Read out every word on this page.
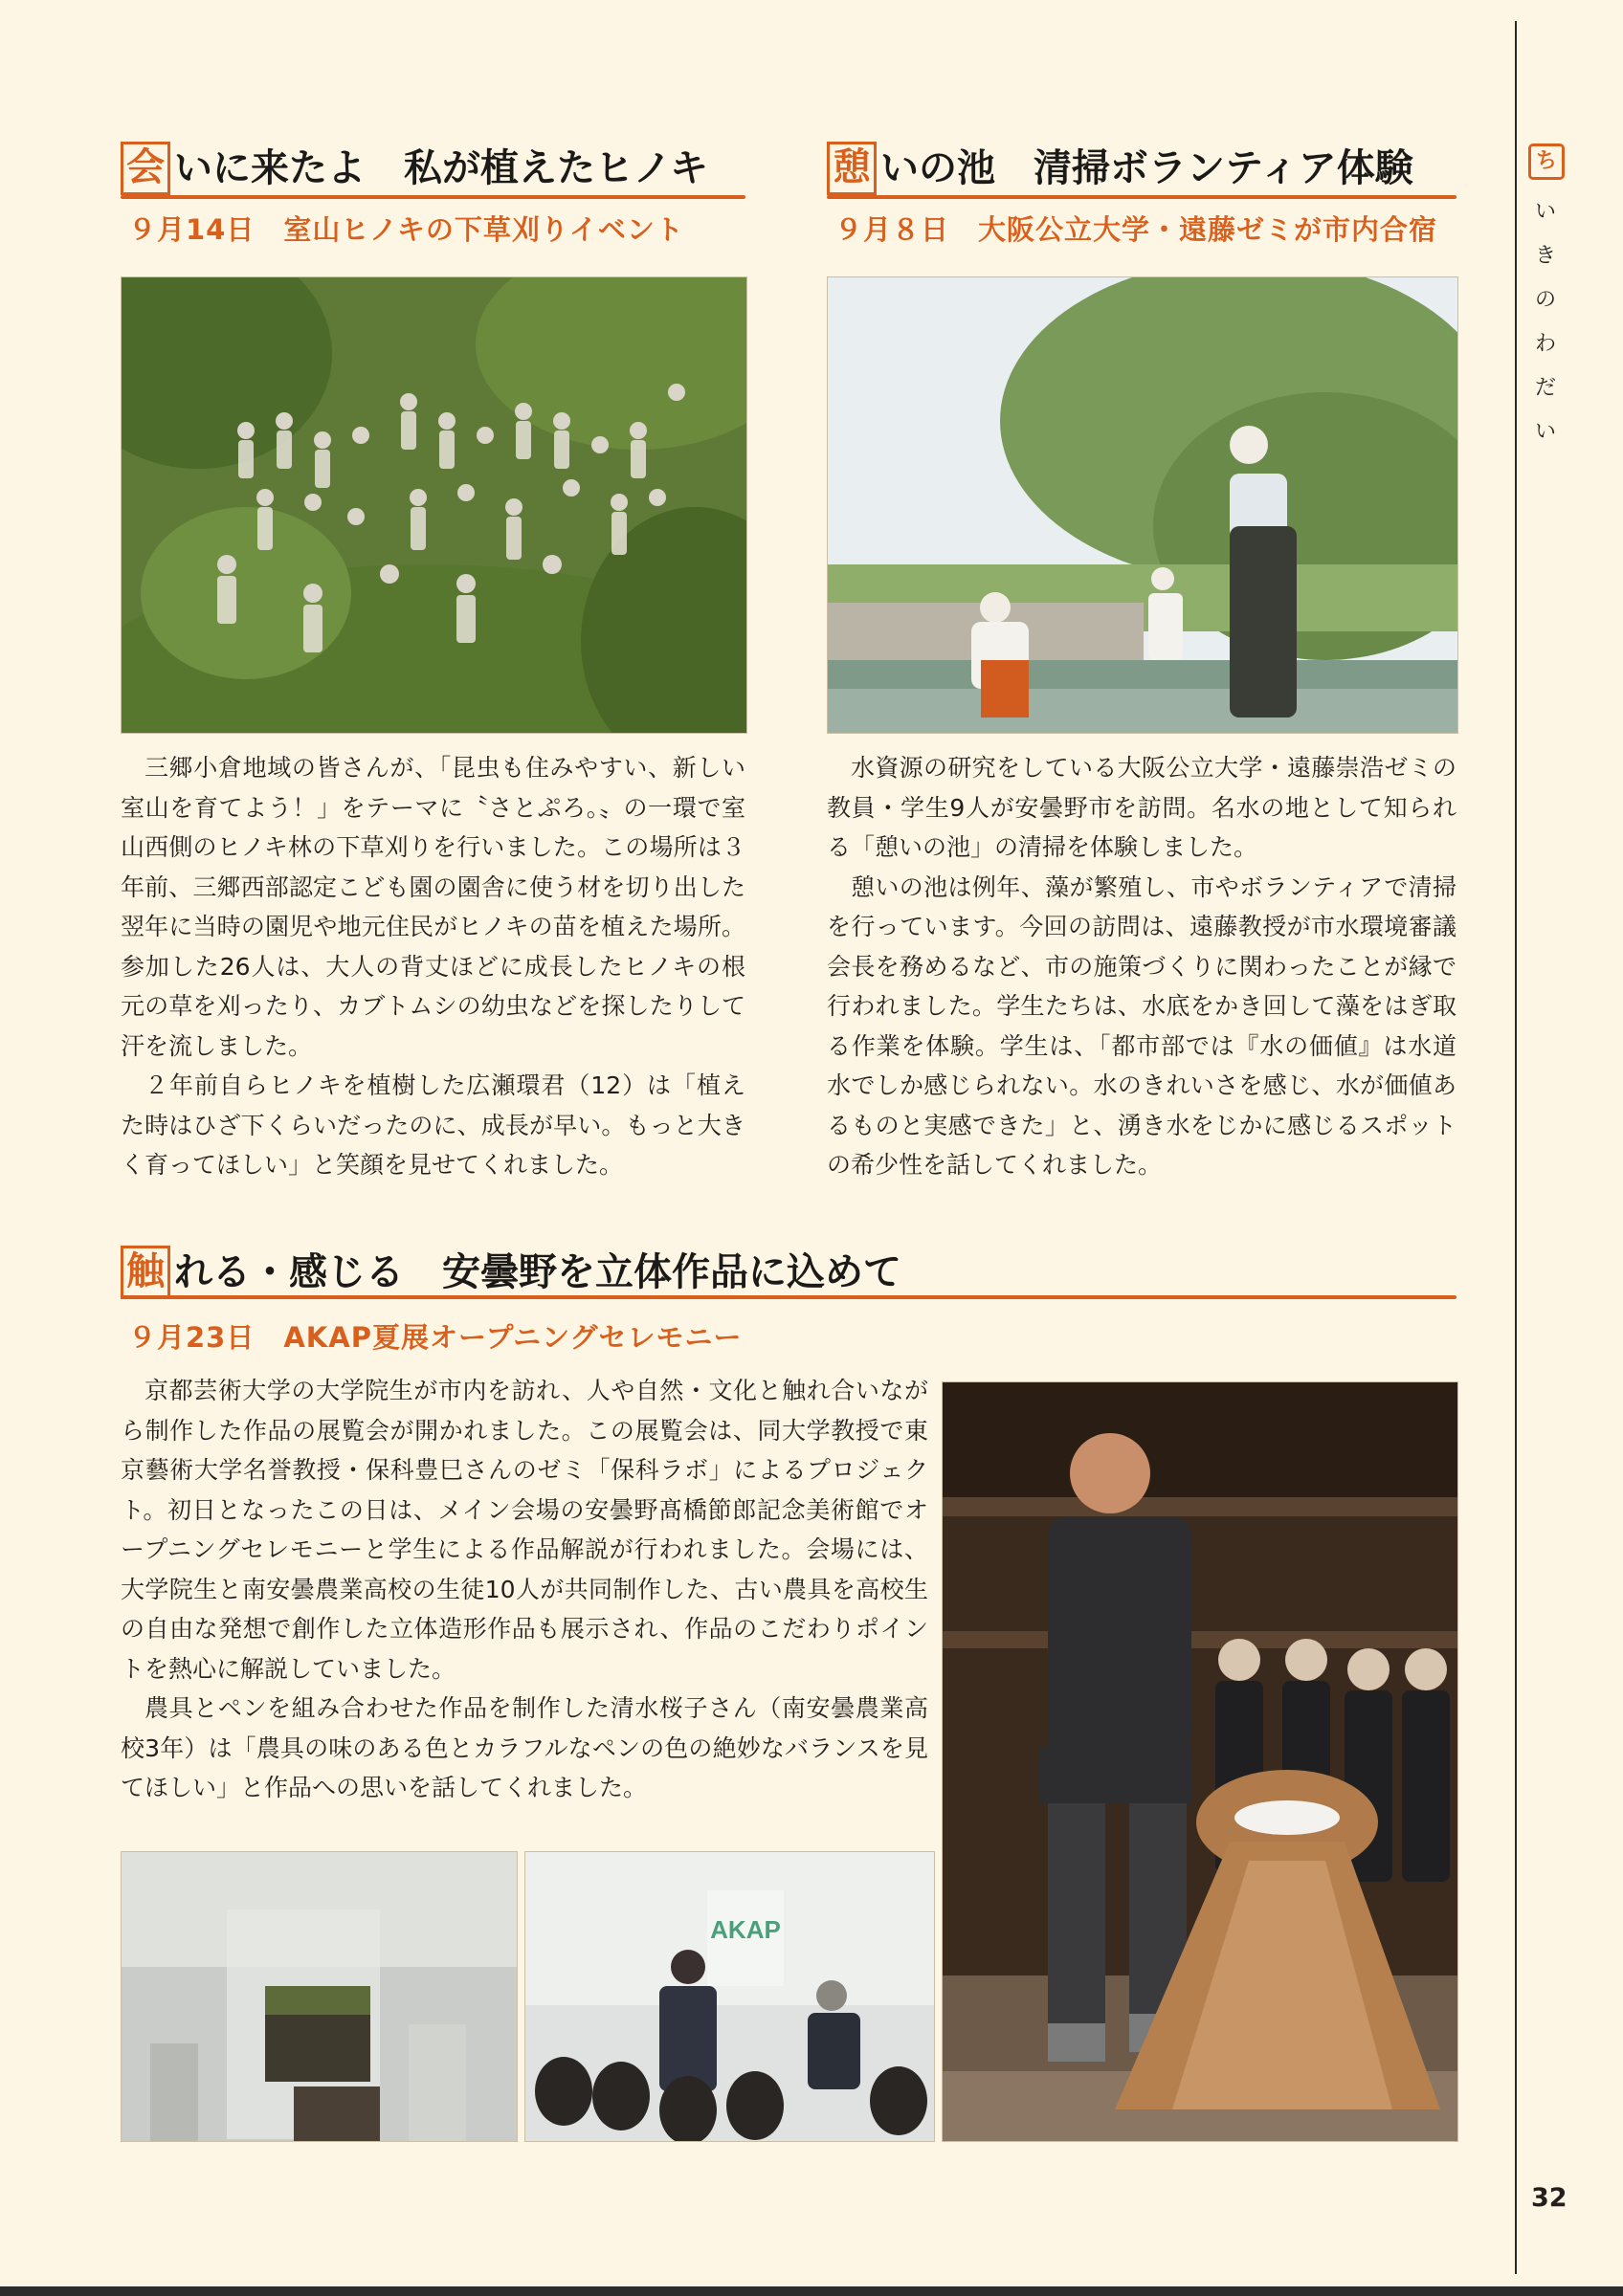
会 いに来たよ　私が植えたヒノキ
９月14日　室山ヒノキの下草刈りイベント

三郷小倉地域の皆さんが、「昆虫も住みやすい、新しい室山を育てよう！」をテーマに〝さとぷろ。〟の一環で室山西側のヒノキ林の下草刈りを行いました。この場所は３年前、三郷西部認定こども園の園舎に使う材を切り出した翌年に当時の園児や地元住民がヒノキの苗を植えた場所。参加した26人は、大人の背丈ほどに成長したヒノキの根元の草を刈ったり、カブトムシの幼虫などを探したりして汗を流しました。

２年前自らヒノキを植樹した広瀬環君（12）は「植えた時はひざ下くらいだったのに、成長が早い。もっと大きく育ってほしい」と笑顔を見せてくれました。

憩 いの池　清掃ボランティア体験
９月８日　大阪公立大学・遠藤ゼミが市内合宿

水資源の研究をしている大阪公立大学・遠藤崇浩ゼミの教員・学生9人が安曇野市を訪問。名水の地として知られる「憩いの池」の清掃を体験しました。

憩いの池は例年、藻が繁殖し、市やボランティアで清掃を行っています。今回の訪問は、遠藤教授が市水環境審議会長を務めるなど、市の施策づくりに関わったことが縁で行われました。学生たちは、水底をかき回して藻をはぎ取る作業を体験。学生は、「都市部では『水の価値』は水道水でしか感じられない。水のきれいさを感じ、水が価値あるものと実感できた」と、湧き水をじかに感じるスポットの希少性を話してくれました。

触 れる・感じる　安曇野を立体作品に込めて
９月23日　AKAP夏展オープニングセレモニー

京都芸術大学の大学院生が市内を訪れ、人や自然・文化と触れ合いながら制作した作品の展覧会が開かれました。この展覧会は、同大学教授で東京藝術大学名誉教授・保科豊巳さんのゼミ「保科ラボ」によるプロジェクト。初日となったこの日は、メイン会場の安曇野髙橋節郎記念美術館でオープニングセレモニーと学生による作品解説が行われました。会場には、大学院生と南安曇農業高校の生徒10人が共同制作した、古い農具を高校生の自由な発想で創作した立体造形作品も展示され、作品のこだわりポイントを熱心に解説していました。

農具とペンを組み合わせた作品を制作した清水桜子さん（南安曇農業高校3年）は「農具の味のある色とカラフルなペンの色の絶妙なバランスを見てほしい」と作品への思いを話してくれました。

AKAP
ち
い
き
の
わ
だ
い
32
